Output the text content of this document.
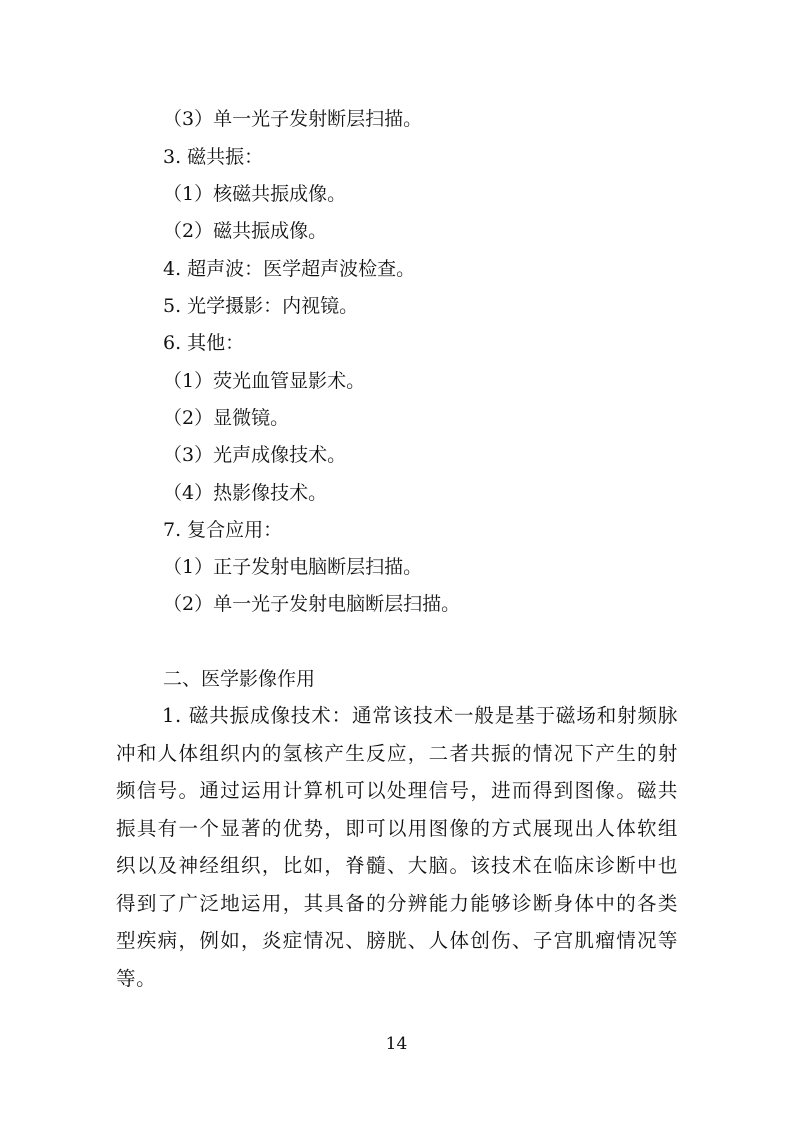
（3）单一光子发射断层扫描。
3. 磁共振：
（1）核磁共振成像。
（2）磁共振成像。
4. 超声波：医学超声波检查。
5. 光学摄影：内视镜。
6. 其他：
（1）荧光血管显影术。
（2）显微镜。
（3）光声成像技术。
（4）热影像技术。
7. 复合应用：
（1）正子发射电脑断层扫描。
（2）单一光子发射电脑断层扫描。
二、医学影像作用
1. 磁共振成像技术：通常该技术一般是基于磁场和射频脉冲和人体组织内的氢核产生反应，二者共振的情况下产生的射频信号。通过运用计算机可以处理信号，进而得到图像。磁共振具有一个显著的优势，即可以用图像的方式展现出人体软组织以及神经组织，比如，脊髓、大脑。该技术在临床诊断中也得到了广泛地运用，其具备的分辨能力能够诊断身体中的各类型疾病，例如，炎症情况、膀胱、人体创伤、子宫肌瘤情况等等。
14
